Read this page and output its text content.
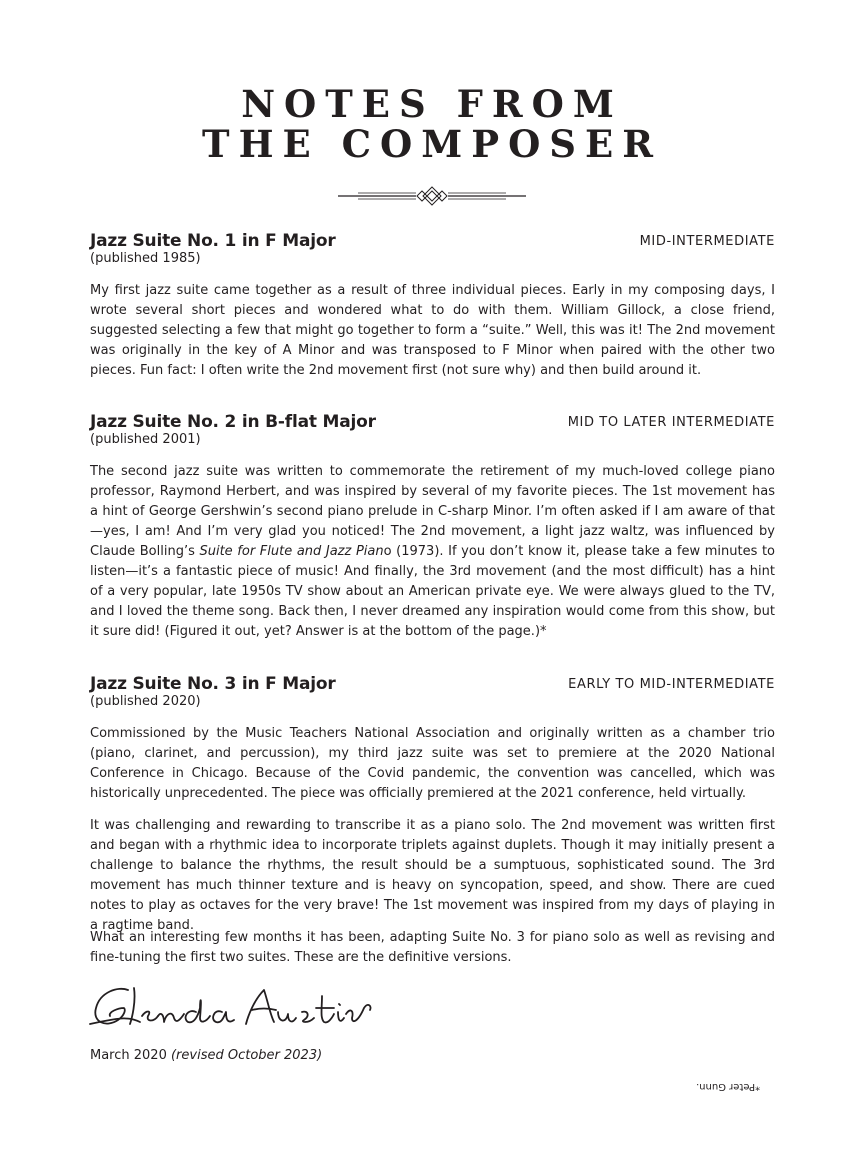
NOTES FROM
THE COMPOSER
Jazz Suite No. 1 in F Major	MID-INTERMEDIATE
(published 1985)

My first jazz suite came together as a result of three individual pieces. Early in my composing days, I wrote several short pieces and wondered what to do with them. William Gillock, a close friend, suggested selecting a few that might go together to form a “suite.” Well, this was it! The 2nd movement was originally in the key of A Minor and was transposed to F Minor when paired with the other two pieces. Fun fact: I often write the 2nd movement first (not sure why) and then build around it.

Jazz Suite No. 2 in B-flat Major	MID TO LATER INTERMEDIATE
(published 2001)

The second jazz suite was written to commemorate the retirement of my much-loved college piano professor, Raymond Herbert, and was inspired by several of my favorite pieces. The 1st movement has a hint of George Gershwin’s second piano prelude in C-sharp Minor. I’m often asked if I am aware of that—yes, I am! And I’m very glad you noticed! The 2nd movement, a light jazz waltz, was influenced by Claude Bolling’s Suite for Flute and Jazz Piano (1973). If you don’t know it, please take a few minutes to listen—it’s a fantastic piece of music! And finally, the 3rd movement (and the most difficult) has a hint of a very popular, late 1950s TV show about an American private eye. We were always glued to the TV, and I loved the theme song. Back then, I never dreamed any inspiration would come from this show, but it sure did! (Figured it out, yet? Answer is at the bottom of the page.)*

Jazz Suite No. 3 in F Major	EARLY TO MID-INTERMEDIATE
(published 2020)

Commissioned by the Music Teachers National Association and originally written as a chamber trio (piano, clarinet, and percussion), my third jazz suite was set to premiere at the 2020 National Conference in Chicago. Because of the Covid pandemic, the convention was cancelled, which was historically unprecedented. The piece was officially premiered at the 2021 conference, held virtually.

It was challenging and rewarding to transcribe it as a piano solo. The 2nd movement was written first and began with a rhythmic idea to incorporate triplets against duplets. Though it may initially present a challenge to balance the rhythms, the result should be a sumptuous, sophisticated sound. The 3rd movement has much thinner texture and is heavy on syncopation, speed, and show. There are cued notes to play as octaves for the very brave! The 1st movement was inspired from my days of playing in a ragtime band.

What an interesting few months it has been, adapting Suite No. 3 for piano solo as well as revising and fine-tuning the first two suites. These are the definitive versions.

March 2020 (revised October 2023)
*Peter Gunn.
